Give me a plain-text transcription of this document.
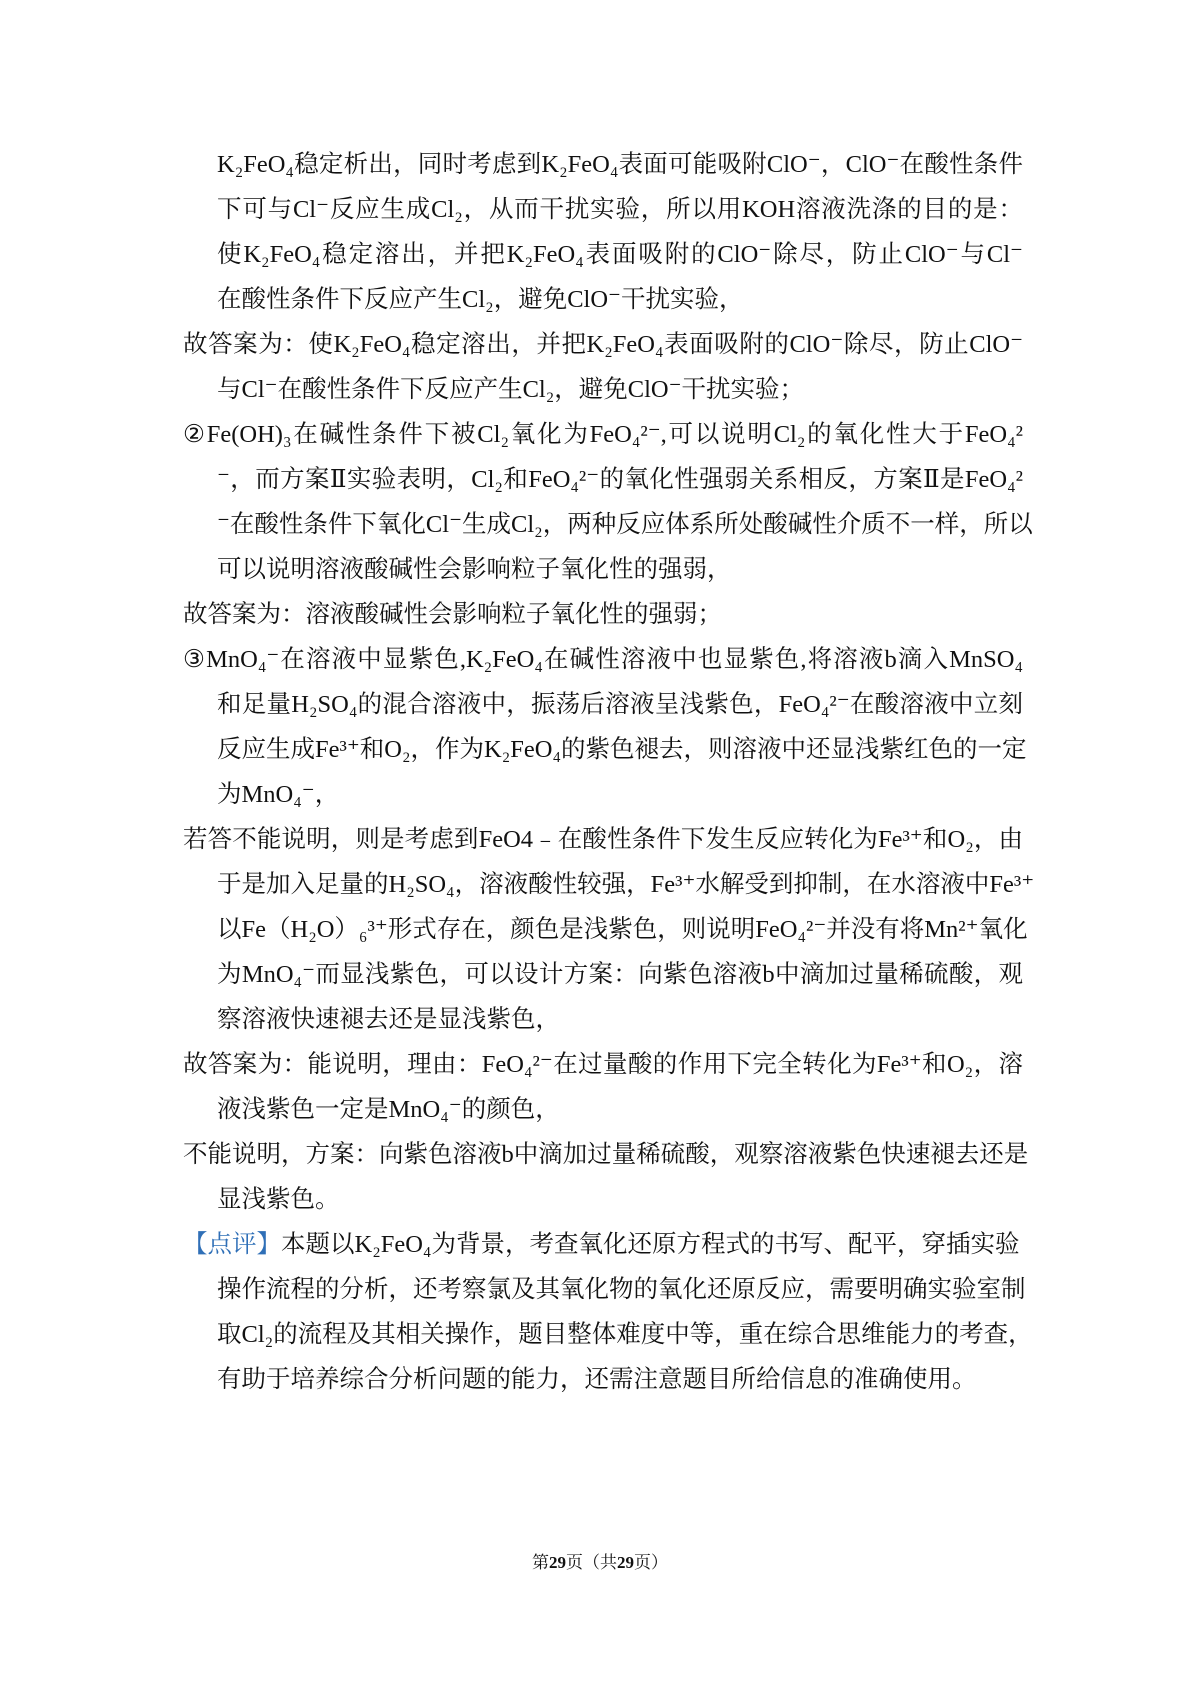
K₂FeO₄稳定析出，同时考虑到K₂FeO₄表面可能吸附ClO⁻，ClO⁻在酸性条件
下可与Cl⁻反应生成Cl₂，从而干扰实验，所以用KOH溶液洗涤的目的是：
使K₂FeO₄稳定溶出，并把K₂FeO₄表面吸附的ClO⁻除尽，防止ClO⁻与Cl⁻
在酸性条件下反应产生Cl₂，避免ClO⁻干扰实验，
故答案为：使K₂FeO₄稳定溶出，并把K₂FeO₄表面吸附的ClO⁻除尽，防止ClO⁻
与Cl⁻在酸性条件下反应产生Cl₂，避免ClO⁻干扰实验；
②Fe(OH)₃在碱性条件下被Cl₂氧化为FeO₄²⁻,可以说明Cl₂的氧化性大于FeO₄²
⁻，而方案Ⅱ实验表明，Cl₂和FeO₄²⁻的氧化性强弱关系相反，方案Ⅱ是FeO₄²
⁻在酸性条件下氧化Cl⁻生成Cl₂，两种反应体系所处酸碱性介质不一样，所以
可以说明溶液酸碱性会影响粒子氧化性的强弱，
故答案为：溶液酸碱性会影响粒子氧化性的强弱；
③MnO₄⁻在溶液中显紫色,K₂FeO₄在碱性溶液中也显紫色,将溶液b滴入MnSO₄
和足量H₂SO₄的混合溶液中，振荡后溶液呈浅紫色，FeO₄²⁻在酸溶液中立刻
反应生成Fe³⁺和O₂，作为K₂FeO₄的紫色褪去，则溶液中还显浅紫红色的一定
为MnO₄⁻，
若答不能说明，则是考虑到FeO4﹣在酸性条件下发生反应转化为Fe³⁺和O₂，由
于是加入足量的H₂SO₄，溶液酸性较强，Fe³⁺水解受到抑制，在水溶液中Fe³⁺
以Fe（H₂O）₆³⁺形式存在，颜色是浅紫色，则说明FeO₄²⁻并没有将Mn²⁺氧化
为MnO₄⁻而显浅紫色，可以设计方案：向紫色溶液b中滴加过量稀硫酸，观
察溶液快速褪去还是显浅紫色，
故答案为：能说明，理由：FeO₄²⁻在过量酸的作用下完全转化为Fe³⁺和O₂，溶
液浅紫色一定是MnO₄⁻的颜色，
不能说明，方案：向紫色溶液b中滴加过量稀硫酸，观察溶液紫色快速褪去还是
显浅紫色。
【点评】本题以K₂FeO₄为背景，考查氧化还原方程式的书写、配平，穿插实验
操作流程的分析，还考察氯及其氧化物的氧化还原反应，需要明确实验室制
取Cl₂的流程及其相关操作，题目整体难度中等，重在综合思维能力的考查，
有助于培养综合分析问题的能力，还需注意题目所给信息的准确使用。
第29页（共29页）
